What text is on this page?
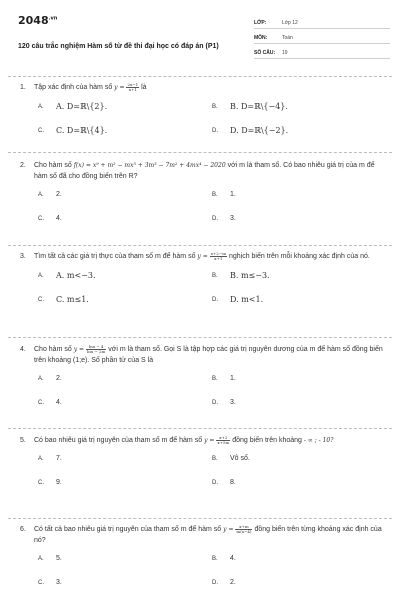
$2048^{.vn}$
120 câu trắc nghiệm Hàm số từ đề thi đại học có đáp án (P1)
LỚP:	Lớp 12
MÔN:	Toán
SỐ CÂU:	19
1.	Tập xác định của hàm số $y = \frac{2x-1}{x+1}$ là
A.	A. D=ℝ\{2}.	B.	B. D=ℝ\{−4}.
C.	C. D=ℝ\{4}.	D.	D. D=ℝ\{−2}.
2.	Cho hàm số f(x) = x⁹ + m² − mx⁵ + 3m³ − 7m² + 4mx⁴ − 2020 với m là tham số. Có bao nhiêu giá trị của m để hàm số đã cho đồng biến trên R?
A.	2.	B.	1.
C.	4.	D.	3.
3.	Tìm tất cả các giá trị thực của tham số m để hàm số $y = \frac{x+2-m}{x+1}$ nghịch biến trên mỗi khoảng xác định của nó.
A.	A. m<−3.	B.	B. m≤−3.
C.	C. m≤1.	D.	D. m<1.
4.	Cho hàm số $y = \frac{\ln x - 4}{\ln x - 2m}$ với m là tham số. Gọi S là tập hợp các giá trị nguyên dương của m để hàm số đồng biến trên khoảng (1;e). Số phần tử của S là
A.	2.	B.	1.
C.	4.	D.	3.
5.	Có bao nhiêu giá trị nguyên của tham số m để hàm số $y = \frac{x+2}{x+5m}$ đồng biến trên khoảng - ∞ ; - 10?
A.	7.	B.	Vô số.
C.	9.	D.	8.
6.	Có tất cả bao nhiêu giá trị nguyên của tham số m để hàm số $y = \frac{x+m}{m(x-4)}$ đồng biến trên từng khoảng xác định của nó?
A.	5.	B.	4.
C.	3.	D.	2.
